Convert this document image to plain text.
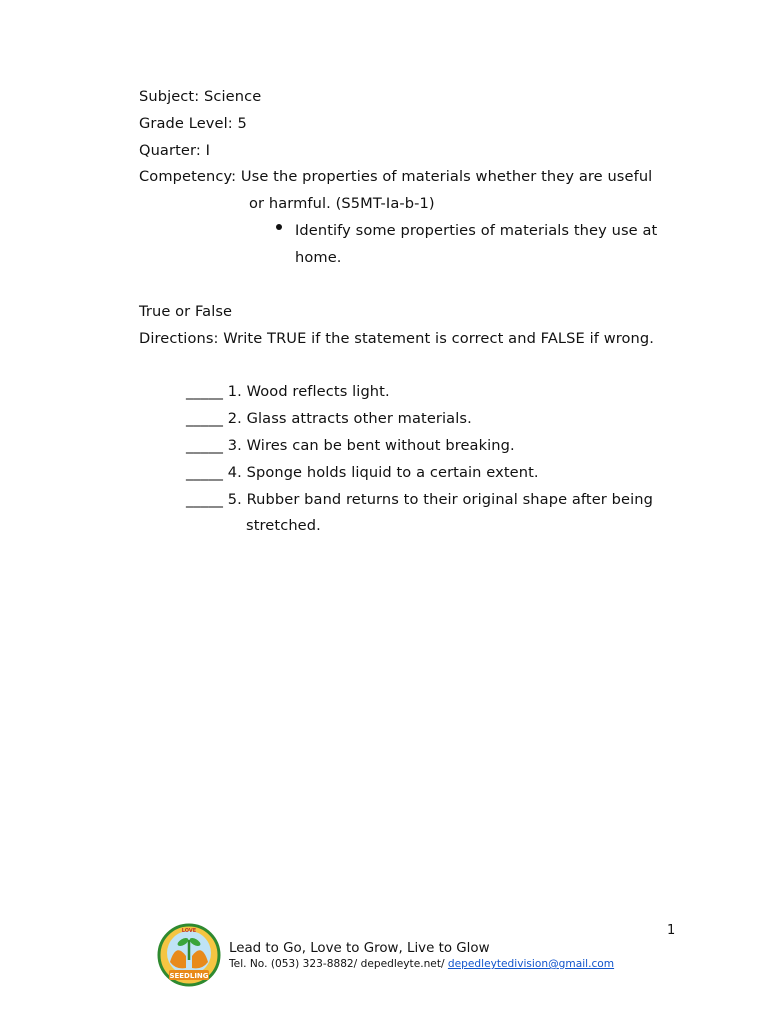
Subject: Science
Grade Level: 5
Quarter: I
Competency: Use the properties of materials whether they are useful
or harmful. (S5MT-Ia-b-1)
Identify some properties of materials they use at
home.
True or False
Directions: Write TRUE if the statement is correct and FALSE if wrong.
_____ 1. Wood reflects light.
_____ 2. Glass attracts other materials.
_____ 3. Wires can be bent without breaking.
_____ 4. Sponge holds liquid to a certain extent.
_____ 5. Rubber band returns to their original shape after being
stretched.
1
SEEDLING
LOVE
Lead to Go, Love to Grow, Live to Glow
Tel. No. (053) 323-8882/ depedleyte.net/ depedleytedivision@gmail.com
